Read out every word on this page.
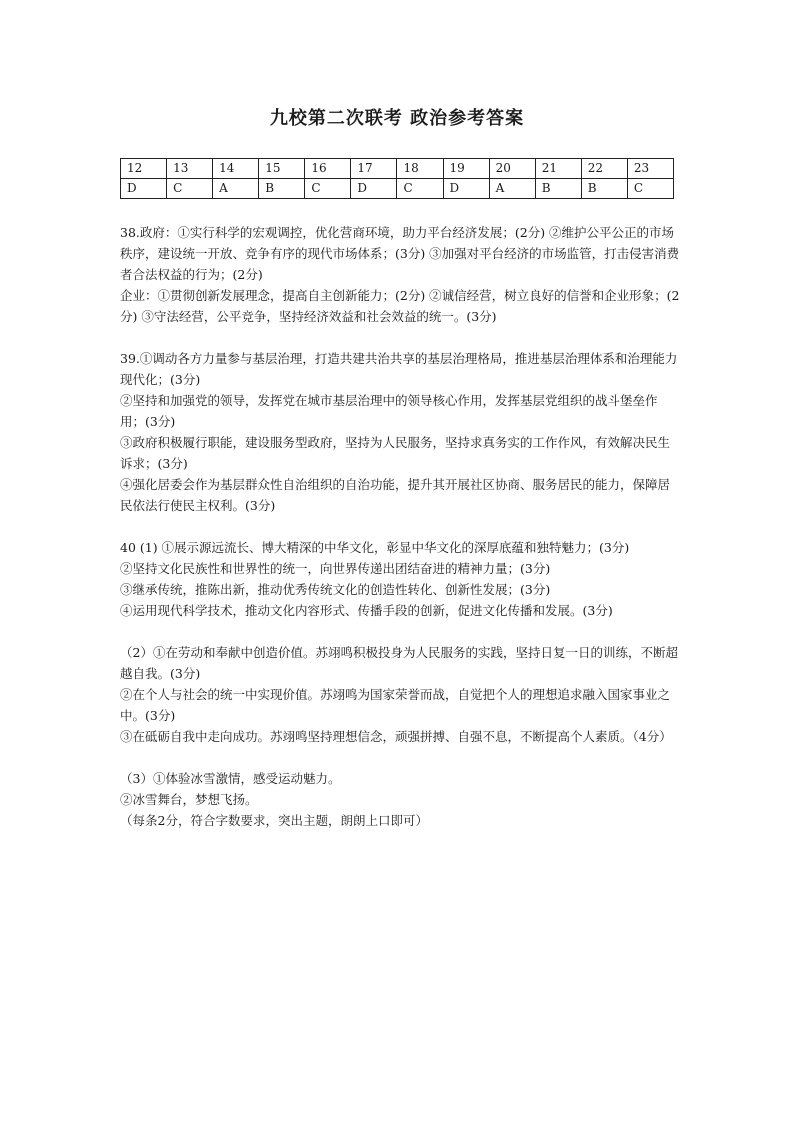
九校第二次联考 政治参考答案
12	13	14	15	16	17	18	19	20	21	22	23
D	C	A	B	C	D	C	D	A	B	B	C

38.政府：①实行科学的宏观调控，优化营商环境，助力平台经济发展；(2分) ②维护公平公正的市场秩序，建设统一开放、竞争有序的现代市场体系；(3分) ③加强对平台经济的市场监管，打击侵害消费者合法权益的行为；(2分)

企业：①贯彻创新发展理念，提高自主创新能力；(2分) ②诚信经营，树立良好的信誉和企业形象；(2分) ③守法经营，公平竞争，坚持经济效益和社会效益的统一。(3分)

39.①调动各方力量参与基层治理，打造共建共治共享的基层治理格局，推进基层治理体系和治理能力现代化；(3分)

②坚持和加强党的领导，发挥党在城市基层治理中的领导核心作用，发挥基层党组织的战斗堡垒作用；(3分)

③政府积极履行职能，建设服务型政府，坚持为人民服务，坚持求真务实的工作作风，有效解决民生诉求；(3分)

④强化居委会作为基层群众性自治组织的自治功能，提升其开展社区协商、服务居民的能力，保障居民依法行使民主权利。(3分)

40 (1) ①展示源远流长、博大精深的中华文化，彰显中华文化的深厚底蕴和独特魅力；(3分)

②坚持文化民族性和世界性的统一，向世界传递出团结奋进的精神力量；(3分)

③继承传统，推陈出新，推动优秀传统文化的创造性转化、创新性发展；(3分)

④运用现代科学技术，推动文化内容形式、传播手段的创新，促进文化传播和发展。(3分)

（2）①在劳动和奉献中创造价值。苏翊鸣积极投身为人民服务的实践，坚持日复一日的训练，不断超越自我。(3分)

②在个人与社会的统一中实现价值。苏翊鸣为国家荣誉而战，自觉把个人的理想追求融入国家事业之中。(3分)

③在砥砺自我中走向成功。苏翊鸣坚持理想信念，顽强拼搏、自强不息，不断提高个人素质。（4分）

（3）①体验冰雪激情，感受运动魅力。

②冰雪舞台，梦想飞扬。

（每条2分，符合字数要求，突出主题，朗朗上口即可）
